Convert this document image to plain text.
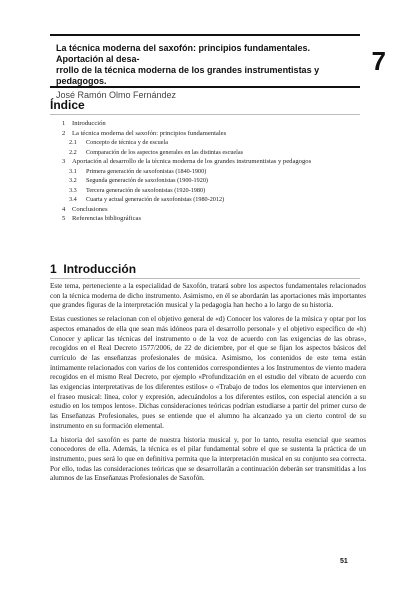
La técnica moderna del saxofón: principios fundamentales. Aportación al desa-
rrollo de la técnica moderna de los grandes instrumentistas y pedagogos.
José Ramón Olmo Fernández
7
Índice
1	Introducción
2	La técnica moderna del saxofón: principios fundamentales
2.1	Concepto de técnica y de escuela
2.2	Comparación de los aspectos generales en las distintas escuelas
3	Aportación al desarrollo de la técnica moderna de los grandes instrumentistas y pedagogos
3.1	Primera generación de saxofonistas (1840-1900)
3.2	Segunda generación de saxofonistas (1900-1920)
3.3	Tercera generación de saxofonistas (1920-1980)
3.4	Cuarta y actual generación de saxofonistas (1980-2012)
4	Conclusiones
5	Referencias bibliográficas
1 Introducción

Este tema, perteneciente a la especialidad de Saxofón, tratará sobre los aspectos fundamentales relacionados con la técnica moderna de dicho instrumento. Asimismo, en él se abordarán las aportaciones más importantes que grandes figuras de la interpretación musical y la pedagogía han hecho a lo largo de su historia.

Estas cuestiones se relacionan con el objetivo general de «d) Conocer los valores de la música y optar por los aspectos emanados de ella que sean más idóneos para el desarrollo personal» y el objetivo específico de «h) Conocer y aplicar las técnicas del instrumento o de la voz de acuerdo con las exigencias de las obras», recogidos en el Real Decreto 1577/2006, de 22 de diciembre, por el que se fijan los aspectos básicos del currículo de las enseñanzas profesionales de música. Asimismo, los contenidos de este tema están íntimamente relacionados con varios de los contenidos correspondientes a los Instrumentos de viento madera recogidos en el mismo Real Decreto, por ejemplo «Profundización en el estudio del vibrato de acuerdo con las exigencias interpretativas de los diferentes estilos» o «Trabajo de todos los elementos que intervienen en el fraseo musical: línea, color y expresión, adecuándolos a los diferentes estilos, con especial atención a su estudio en los tempos lentos». Dichas consideraciones teóricas podrían estudiarse a partir del primer curso de las Enseñanzas Profesionales, pues se entiende que el alumno ha alcanzado ya un cierto control de su instrumento en su formación elemental.

La historia del saxofón es parte de nuestra historia musical y, por lo tanto, resulta esencial que seamos conocedores de ella. Además, la técnica es el pilar fundamental sobre el que se sustenta la práctica de un instrumento, pues será lo que en definitiva permita que la interpretación musical en su conjunto sea correcta. Por ello, todas las consideraciones teóricas que se desarrollarán a continuación deberán ser transmitidas a los alumnos de las Enseñanzas Profesionales de Saxofón.

51
